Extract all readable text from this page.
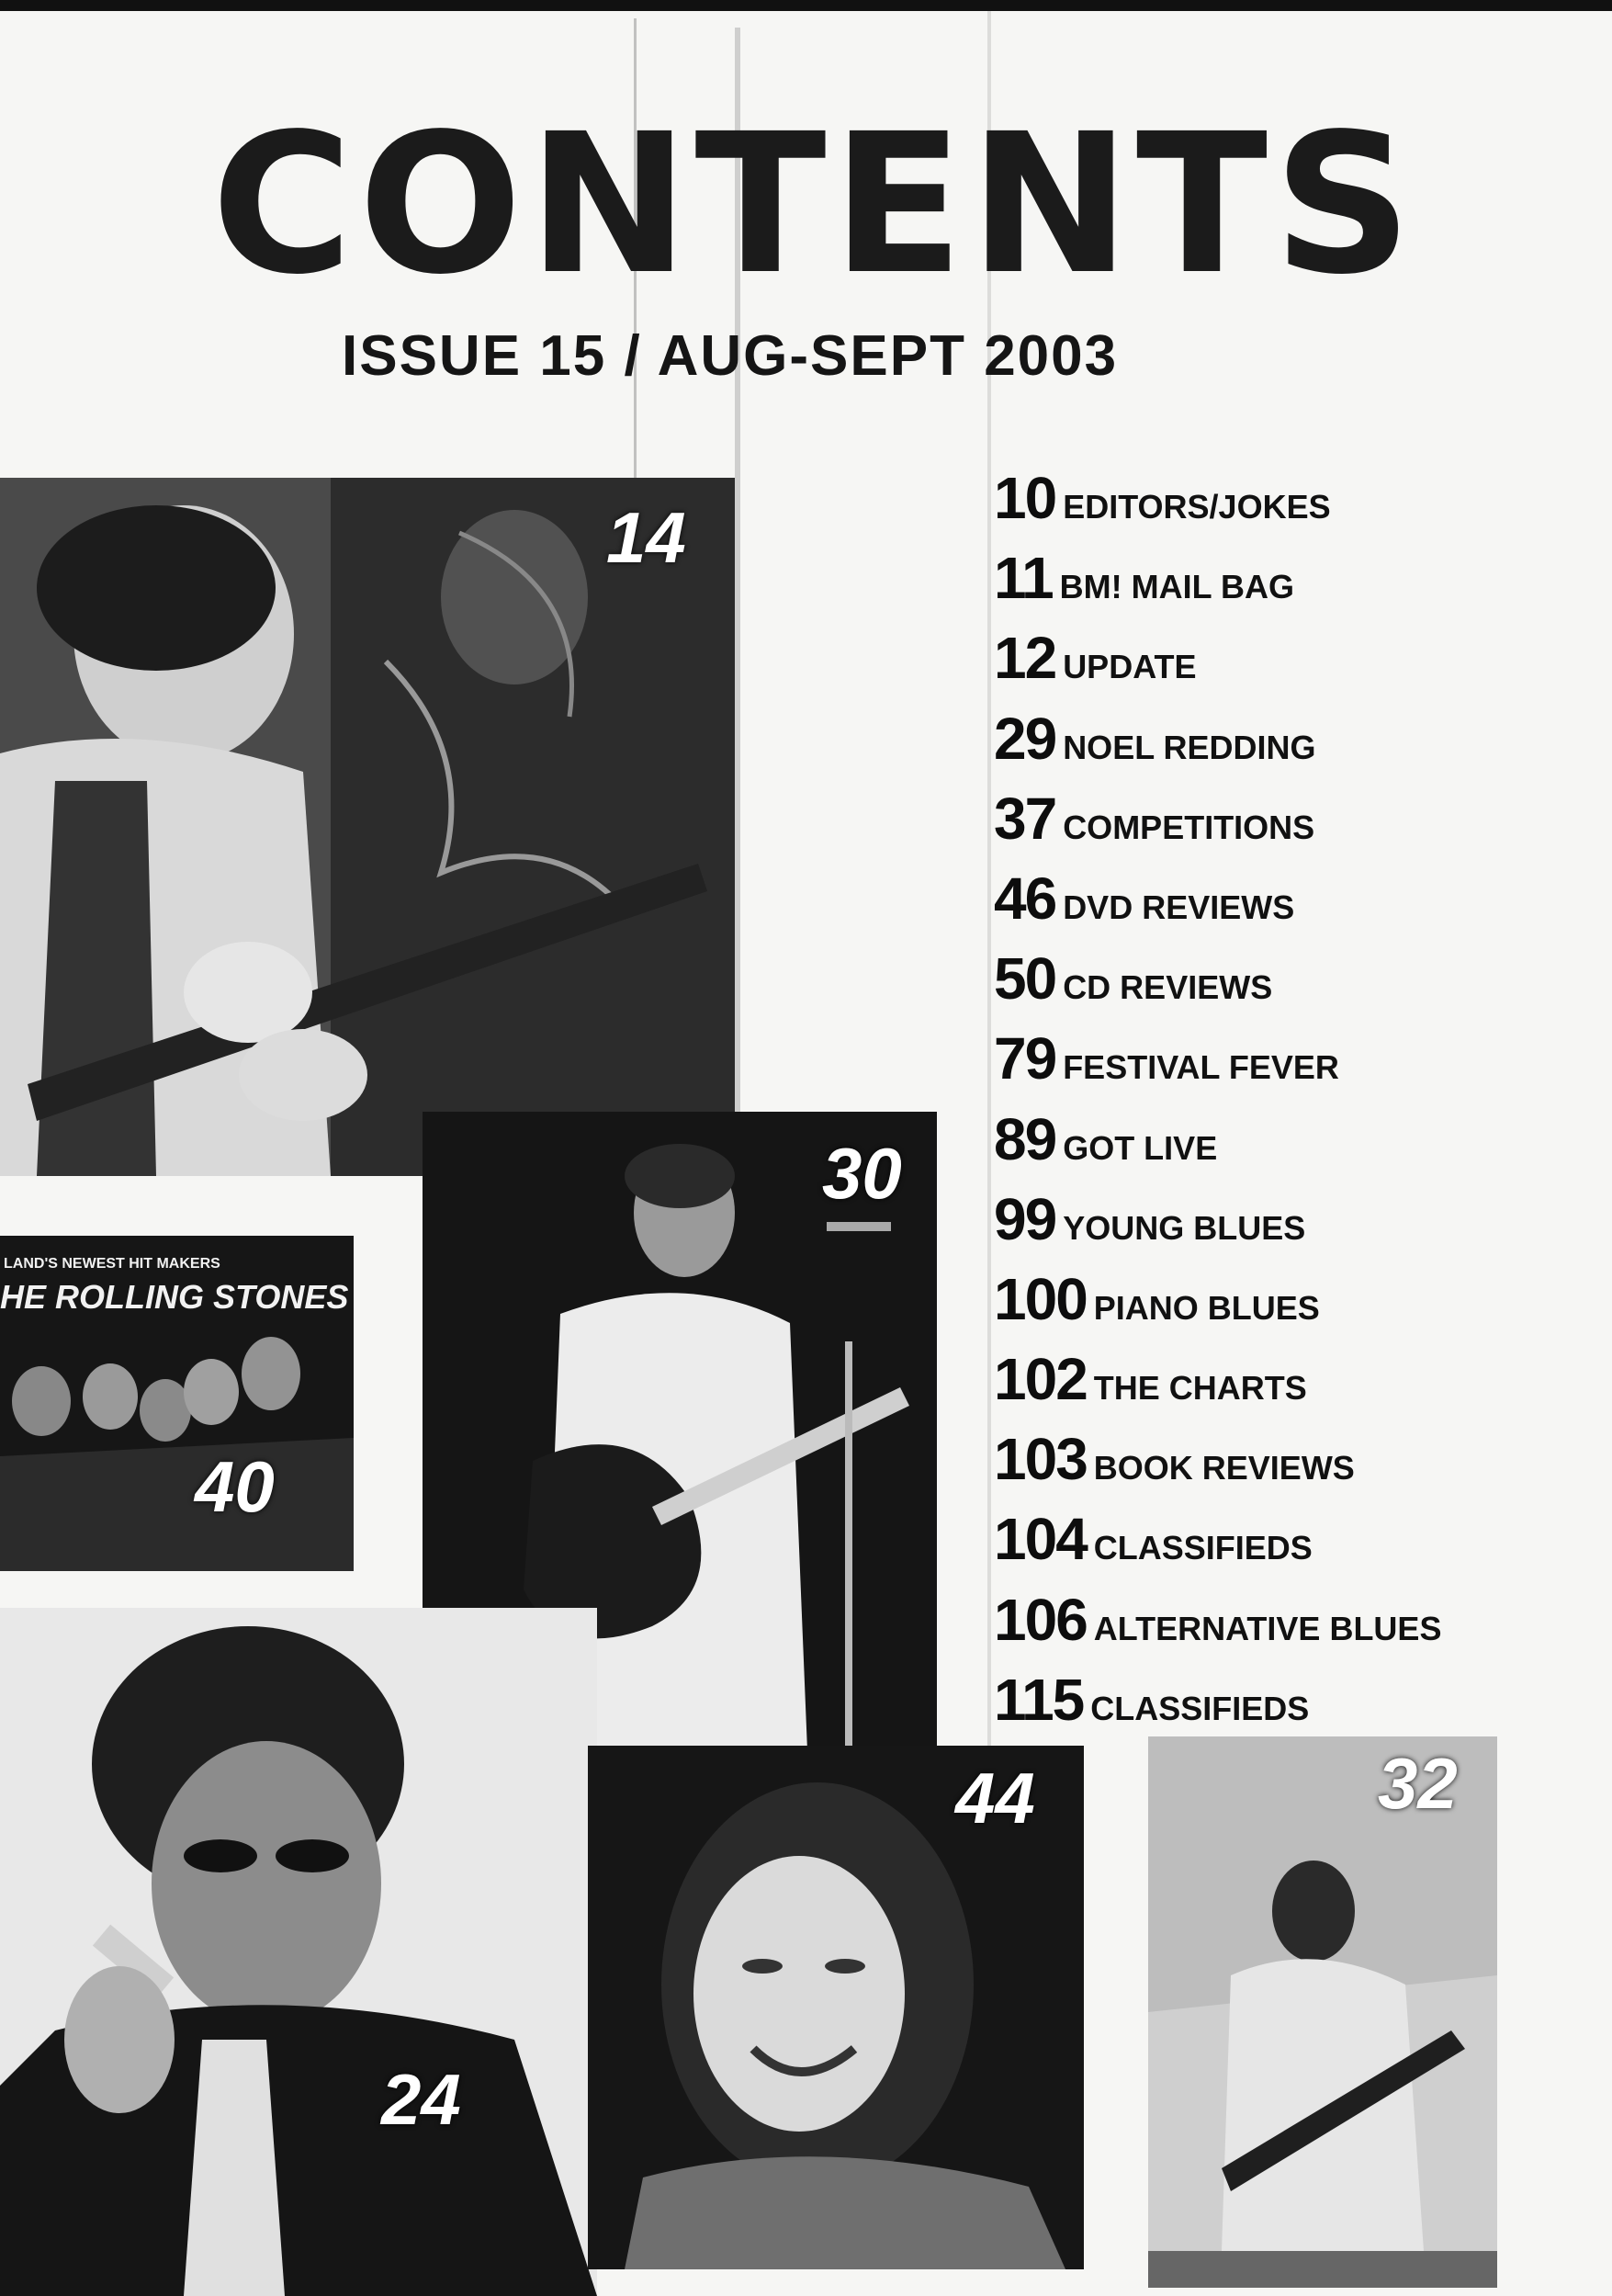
CONTENTS
ISSUE 15 / AUG-SEPT 2003
10 EDITORS/JOKES
11 BM! MAIL BAG
12 UPDATE
29 NOEL REDDING
37 COMPETITIONS
46 DVD REVIEWS
50 CD REVIEWS
79 FESTIVAL FEVER
89 GOT LIVE
99 YOUNG BLUES
100 PIANO BLUES
102 THE CHARTS
103 BOOK REVIEWS
104 CLASSIFIEDS
106 ALTERNATIVE BLUES
115 CLASSIFIEDS
14
30
LAND'S NEWEST HIT MAKERS
HE ROLLING STONES
40
24
44	32
